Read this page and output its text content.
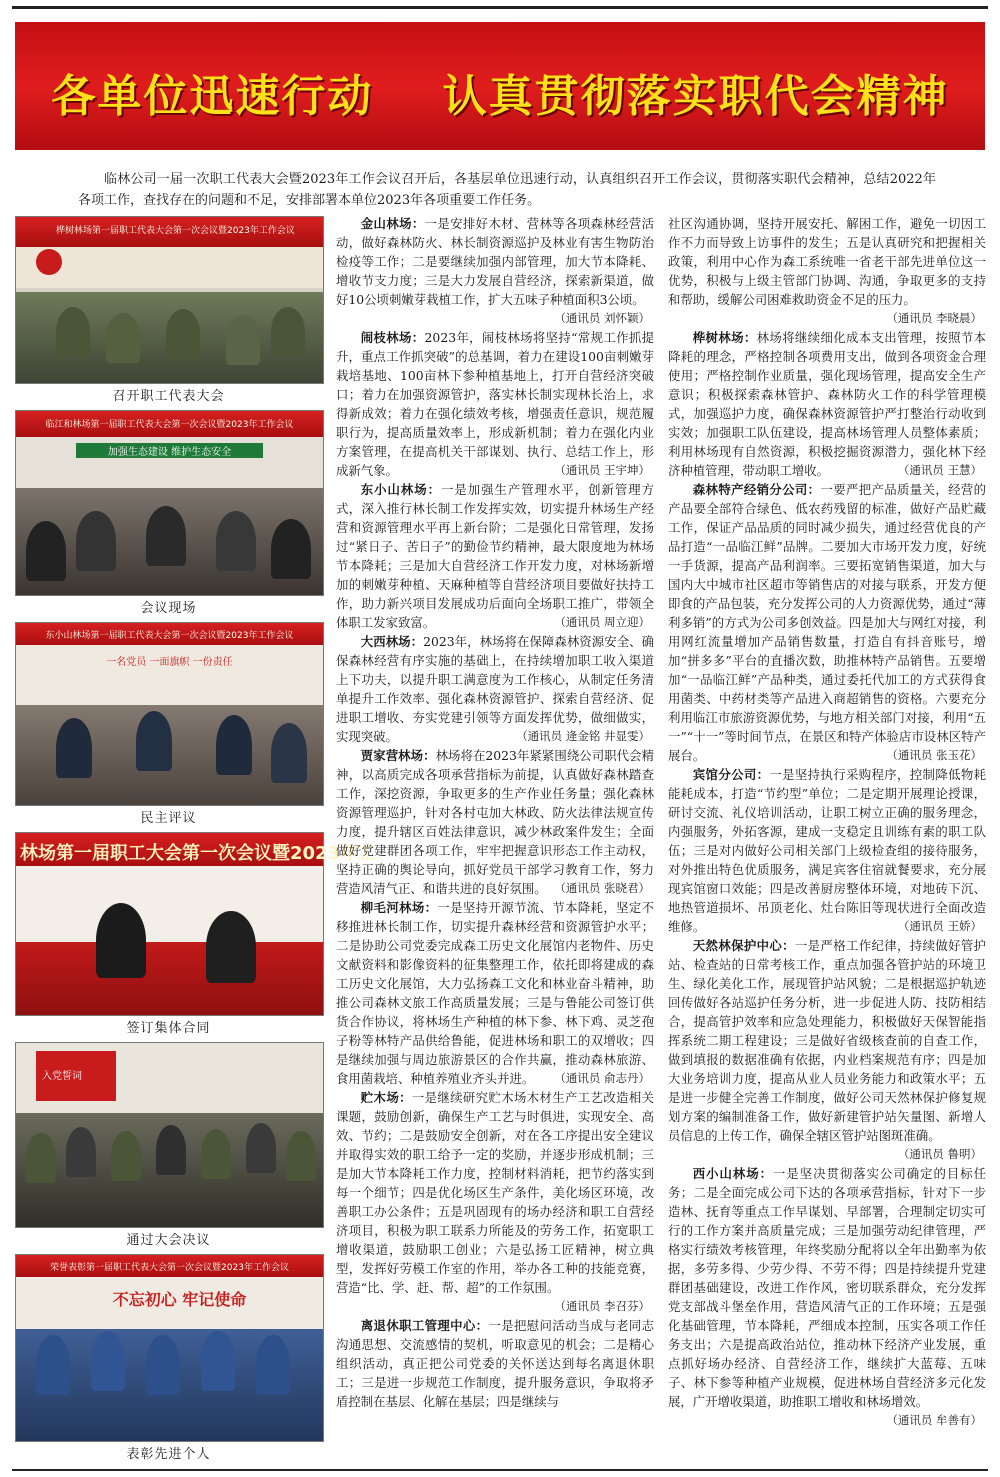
各单位迅速行动    认真贯彻落实职代会精神

临林公司一届一次职工代表大会暨2023年工作会议召开后，各基层单位迅速行动，认真组织召开工作会议，贯彻落实职代会精神，总结2022年各项工作，查找存在的问题和不足，安排部署本单位2023年各项重要工作任务。

桦树林场第一届职工代表大会第一次会议暨2023年工作会议
召开职工代表大会
临江和林场第一届职工代表大会第一次会议暨2023年工作会议
加强生态建设 维护生态安全
会议现场
东小山林场第一届职工代表大会第一次会议暨2023年工作会议
一名党员 一面旗帜 一份责任
民主评议
林场第一届职工大会第一次会议暨2023年工
签订集体合同
入党誓词
通过大会决议
荣誉表彰第一届职工代表大会第一次会议暨2023年工作会议
不忘初心 牢记使命
表彰先进个人

金山林场：一是安排好木材、营林等各项森林经营活动，做好森林防火、林长制资源巡护及林业有害生物防治检疫等工作；二是要继续加强内部管理，加大节本降耗、增收节支力度；三是大力发展自营经济，探索新渠道，做好10公顷刺嫩芽栽植工作，扩大五味子种植面积3公顷。
（通讯员 刘怀颖）

闹枝林场：2023年，闹枝林场将坚持“常规工作抓提升，重点工作抓突破”的总基调，着力在建设100亩刺嫩芽栽培基地、100亩林下参种植基地上，打开自营经济突破口；着力在加强资源管护，落实林长制实现林长治上，求得新成效；着力在强化绩效考核，增强责任意识，规范履职行为，提高质量效率上，形成新机制；着力在强化内业方案管理，在提高机关干部谋划、执行、总结工作上，形成新气象。	（通讯员 王宇坤）

东小山林场：一是加强生产管理水平，创新管理方式，深入推行林长制工作发挥实效，切实提升林场生产经营和资源管理水平再上新台阶；二是强化日常管理，发扬过“紧日子、苦日子”的勤俭节约精神，最大限度地为林场节本降耗；三是加大自营经济工作开发力度，对林场新增加的刺嫩芽种植、天麻种植等自营经济项目要做好扶持工作，助力新兴项目发展成功后面向全场职工推广，带领全体职工发家致富。	（通讯员 周立迎）

大西林场：2023年，林场将在保障森林资源安全、确保森林经营有序实施的基础上，在持续增加职工收入渠道上下功夫，以提升职工满意度为工作核心，从制定任务清单提升工作效率、强化森林资源管护、探索自营经济、促进职工增收、夯实党建引领等方面发挥优势，做细做实，实现突破。	（通讯员 逄金铭 井显雯）

贾家营林场：林场将在2023年紧紧围绕公司职代会精神，以高质完成各项承营指标为前提，认真做好森林踏查工作，深挖资源，争取更多的生产作业任务量；强化森林资源管理巡护，针对各村屯加大林政、防火法律法规宣传力度，提升辖区百姓法律意识，减少林政案件发生；全面做好党建群团各项工作，牢牢把握意识形态工作主动权，坚持正确的舆论导向，抓好党员干部学习教育工作，努力营造风清气正、和谐共进的良好氛围。 （通讯员 张晓君）

柳毛河林场：一是坚持开源节流、节本降耗，坚定不移推进林长制工作，切实提升森林经营和资源管护水平；二是协助公司党委完成森工历史文化展馆内老物件、历史文献资料和影像资料的征集整理工作，依托即将建成的森工历史文化展馆，大力弘扬森工文化和林业奋斗精神，助推公司森林文旅工作高质量发展；三是与鲁能公司签订供货合作协议，将林场生产种植的林下参、林下鸡、灵芝孢子粉等林特产品供给鲁能，促进林场和职工的双增收；四是继续加强与周边旅游景区的合作共赢，推动森林旅游、食用菌栽培、种植养殖业齐头并进。 （通讯员 俞志丹）

贮木场：一是继续研究贮木场木材生产工艺改造相关课题，鼓励创新，确保生产工艺与时俱进，实现安全、高效、节约；二是鼓励安全创新，对在各工序提出安全建议并取得实效的职工给予一定的奖励，并逐步形成机制；三是加大节本降耗工作力度，控制材料消耗，把节约落实到每一个细节；四是优化场区生产条件，美化场区环境，改善职工办公条件；五是巩固现有的场办经济和职工自营经济项目，积极为职工联系力所能及的劳务工作，拓宽职工增收渠道，鼓励职工创业；六是弘扬工匠精神，树立典型，发挥好劳模工作室的作用，举办各工种的技能竞赛，营造“比、学、赶、帮、超”的工作氛围。
（通讯员 李召芬）

离退休职工管理中心：一是把慰问活动当成与老同志沟通思想、交流感情的契机，听取意见的机会；二是精心组织活动，真正把公司党委的关怀送达到每名离退休职工；三是进一步规范工作制度，提升服务意识，争取将矛盾控制在基层、化解在基层；四是继续与

社区沟通协调，坚持开展安托、解困工作，避免一切因工作不力而导致上访事件的发生；五是认真研究和把握相关政策，利用中心作为森工系统唯一省老干部先进单位这一优势，积极与上级主管部门协调、沟通，争取更多的支持和帮助，缓解公司困难救助资金不足的压力。
（通讯员 李晓晨）

桦树林场：林场将继续细化成本支出管理，按照节本降耗的理念，严格控制各项费用支出，做到各项资金合理使用；严格控制作业质量，强化现场管理，提高安全生产意识；积极探索森林管护、森林防火工作的科学管理模式，加强巡护力度，确保森林资源管护严打整治行动收到实效；加强职工队伍建设，提高林场管理人员整体素质；利用林场现有自然资源，积极挖掘资源潜力，强化林下经济种植管理，带动职工增收。	（通讯员 王慧）

森林特产经销分公司：一要严把产品质量关，经营的产品要全部符合绿色、低农药残留的标准，做好产品贮藏工作，保证产品品质的同时减少损失，通过经营优良的产品打造“一品临江鲜”品牌。二要加大市场开发力度，好统一手货源，提高产品利润率。三要拓宽销售渠道，加大与国内大中城市社区超市等销售店的对接与联系，开发方便即食的产品包装，充分发挥公司的人力资源优势，通过“薄利多销”的方式为公司多创效益。四是加大与网红对接，利用网红流量增加产品销售数量，打造自有抖音账号，增加“拼多多”平台的直播次数，助推林特产品销售。五要增加“一品临江鲜”产品种类，通过委托代加工的方式获得食用菌类、中药材类等产品进入商超销售的资格。六要充分利用临江市旅游资源优势，与地方相关部门对接，利用“五一”“十一”等时间节点，在景区和特产体验店市设林区特产展台。	（通讯员 张玉花）

宾馆分公司：一是坚持执行采购程序，控制降低物耗能耗成本，打造“节约型”单位；二是定期开展理论授课，研讨交流、礼仪培训活动，让职工树立正确的服务理念，内强服务，外拓客源，建成一支稳定且训练有素的职工队伍；三是对内做好公司相关部门上级检查组的接待服务，对外推出特色优质服务，满足宾客住宿就餐要求，充分展现宾馆窗口效能；四是改善厨房整体环境，对地砖下沉、地热管道损坏、吊顶老化、灶台陈旧等现状进行全面改造维修。	（通讯员 王娇）

天然林保护中心：一是严格工作纪律，持续做好管护站、检查站的日常考核工作，重点加强各管护站的环境卫生、绿化美化工作，展现管护站风貌；二是根据巡护轨迹回传做好各站巡护任务分析，进一步促进人防、技防相结合，提高管护效率和应急处理能力，积极做好天保智能指挥系统二期工程建设；三是做好省级核查前的自查工作，做到填报的数据准确有依据，内业档案规范有序；四是加大业务培训力度，提高从业人员业务能力和政策水平；五是进一步健全完善工作制度，做好公司天然林保护修复规划方案的编制准备工作，做好新建管护站矢量图、新增人员信息的上传工作，确保全辖区管护站图斑准确。
（通讯员 鲁明）

西小山林场：一是坚决贯彻落实公司确定的目标任务；二是全面完成公司下达的各项承营指标，针对下一步造林、抚育等重点工作早谋划、早部署，合理制定切实可行的工作方案并高质量完成；三是加强劳动纪律管理，严格实行绩效考核管理，年终奖励分配将以全年出勤率为依据，多劳多得、少劳少得、不劳不得；四是持续提升党建群团基础建设，改进工作作风，密切联系群众，充分发挥党支部战斗堡垒作用，营造风清气正的工作环境；五是强化基础管理，节本降耗，严细成本控制，压实各项工作任务支出；六是提高政治站位，推动林下经济产业发展，重点抓好场办经济、自营经济工作，继续扩大蓝莓、五味子、林下参等种植产业规模，促进林场自营经济多元化发展，广开增收渠道，助推职工增收和林场增效。
（通讯员 牟善有）
